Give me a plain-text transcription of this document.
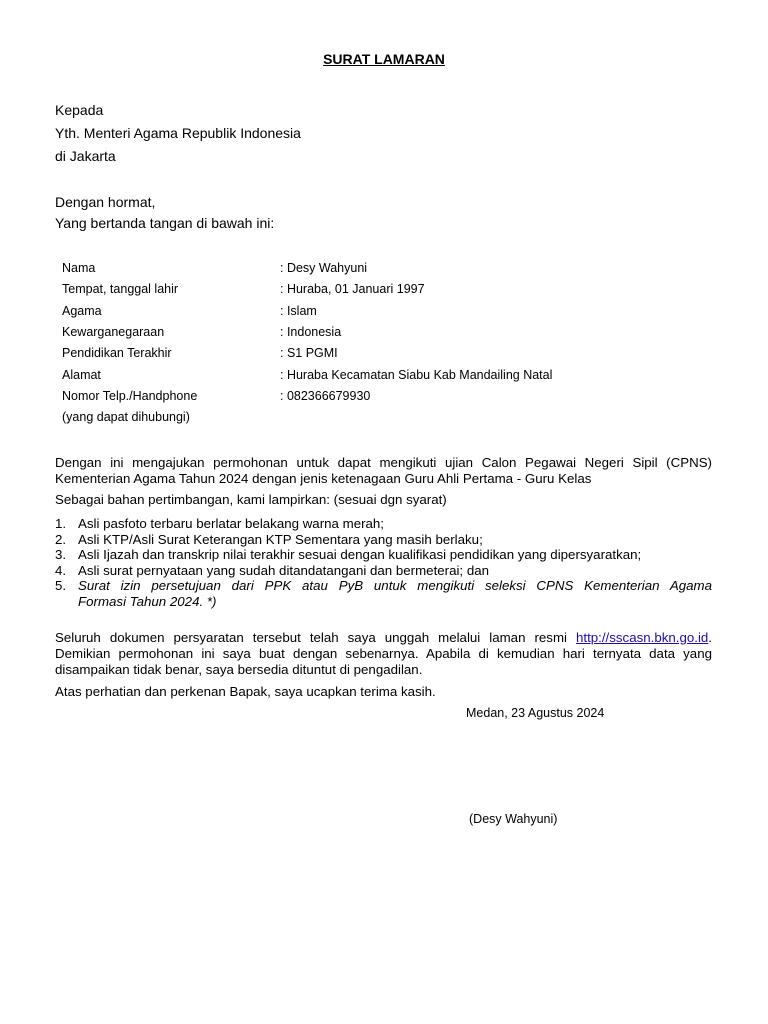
SURAT LAMARAN
Kepada
Yth. Menteri Agama Republik Indonesia
di Jakarta
Dengan hormat,
Yang bertanda tangan di bawah ini:
Nama	: Desy Wahyuni
Tempat, tanggal lahir	: Huraba, 01 Januari 1997
Agama	: Islam
Kewarganegaraan	: Indonesia
Pendidikan Terakhir	: S1 PGMI
Alamat	: Huraba Kecamatan Siabu Kab Mandailing Natal
Nomor Telp./Handphone	: 082366679930
(yang dapat dihubungi)
Dengan ini mengajukan permohonan untuk dapat mengikuti ujian Calon Pegawai Negeri Sipil (CPNS)
Kementerian Agama Tahun 2024 dengan jenis ketenagaan Guru Ahli Pertama - Guru Kelas
Sebagai bahan pertimbangan, kami lampirkan: (sesuai dgn syarat)
1. Asli pasfoto terbaru berlatar belakang warna merah;
2. Asli KTP/Asli Surat Keterangan KTP Sementara yang masih berlaku;
3. Asli Ijazah dan transkrip nilai terakhir sesuai dengan kualifikasi pendidikan yang dipersyaratkan;
4. Asli surat pernyataan yang sudah ditandatangani dan bermeterai; dan
5. Surat izin persetujuan dari PPK atau PyB untuk mengikuti seleksi CPNS Kementerian Agama
Formasi Tahun 2024. *)
Seluruh dokumen persyaratan tersebut telah saya unggah melalui laman resmi http://sscasn.bkn.go.id.
Demikian permohonan ini saya buat dengan sebenarnya. Apabila di kemudian hari ternyata data yang
disampaikan tidak benar, saya bersedia dituntut di pengadilan.
Atas perhatian dan perkenan Bapak, saya ucapkan terima kasih.
Medan, 23 Agustus 2024
(Desy Wahyuni)
